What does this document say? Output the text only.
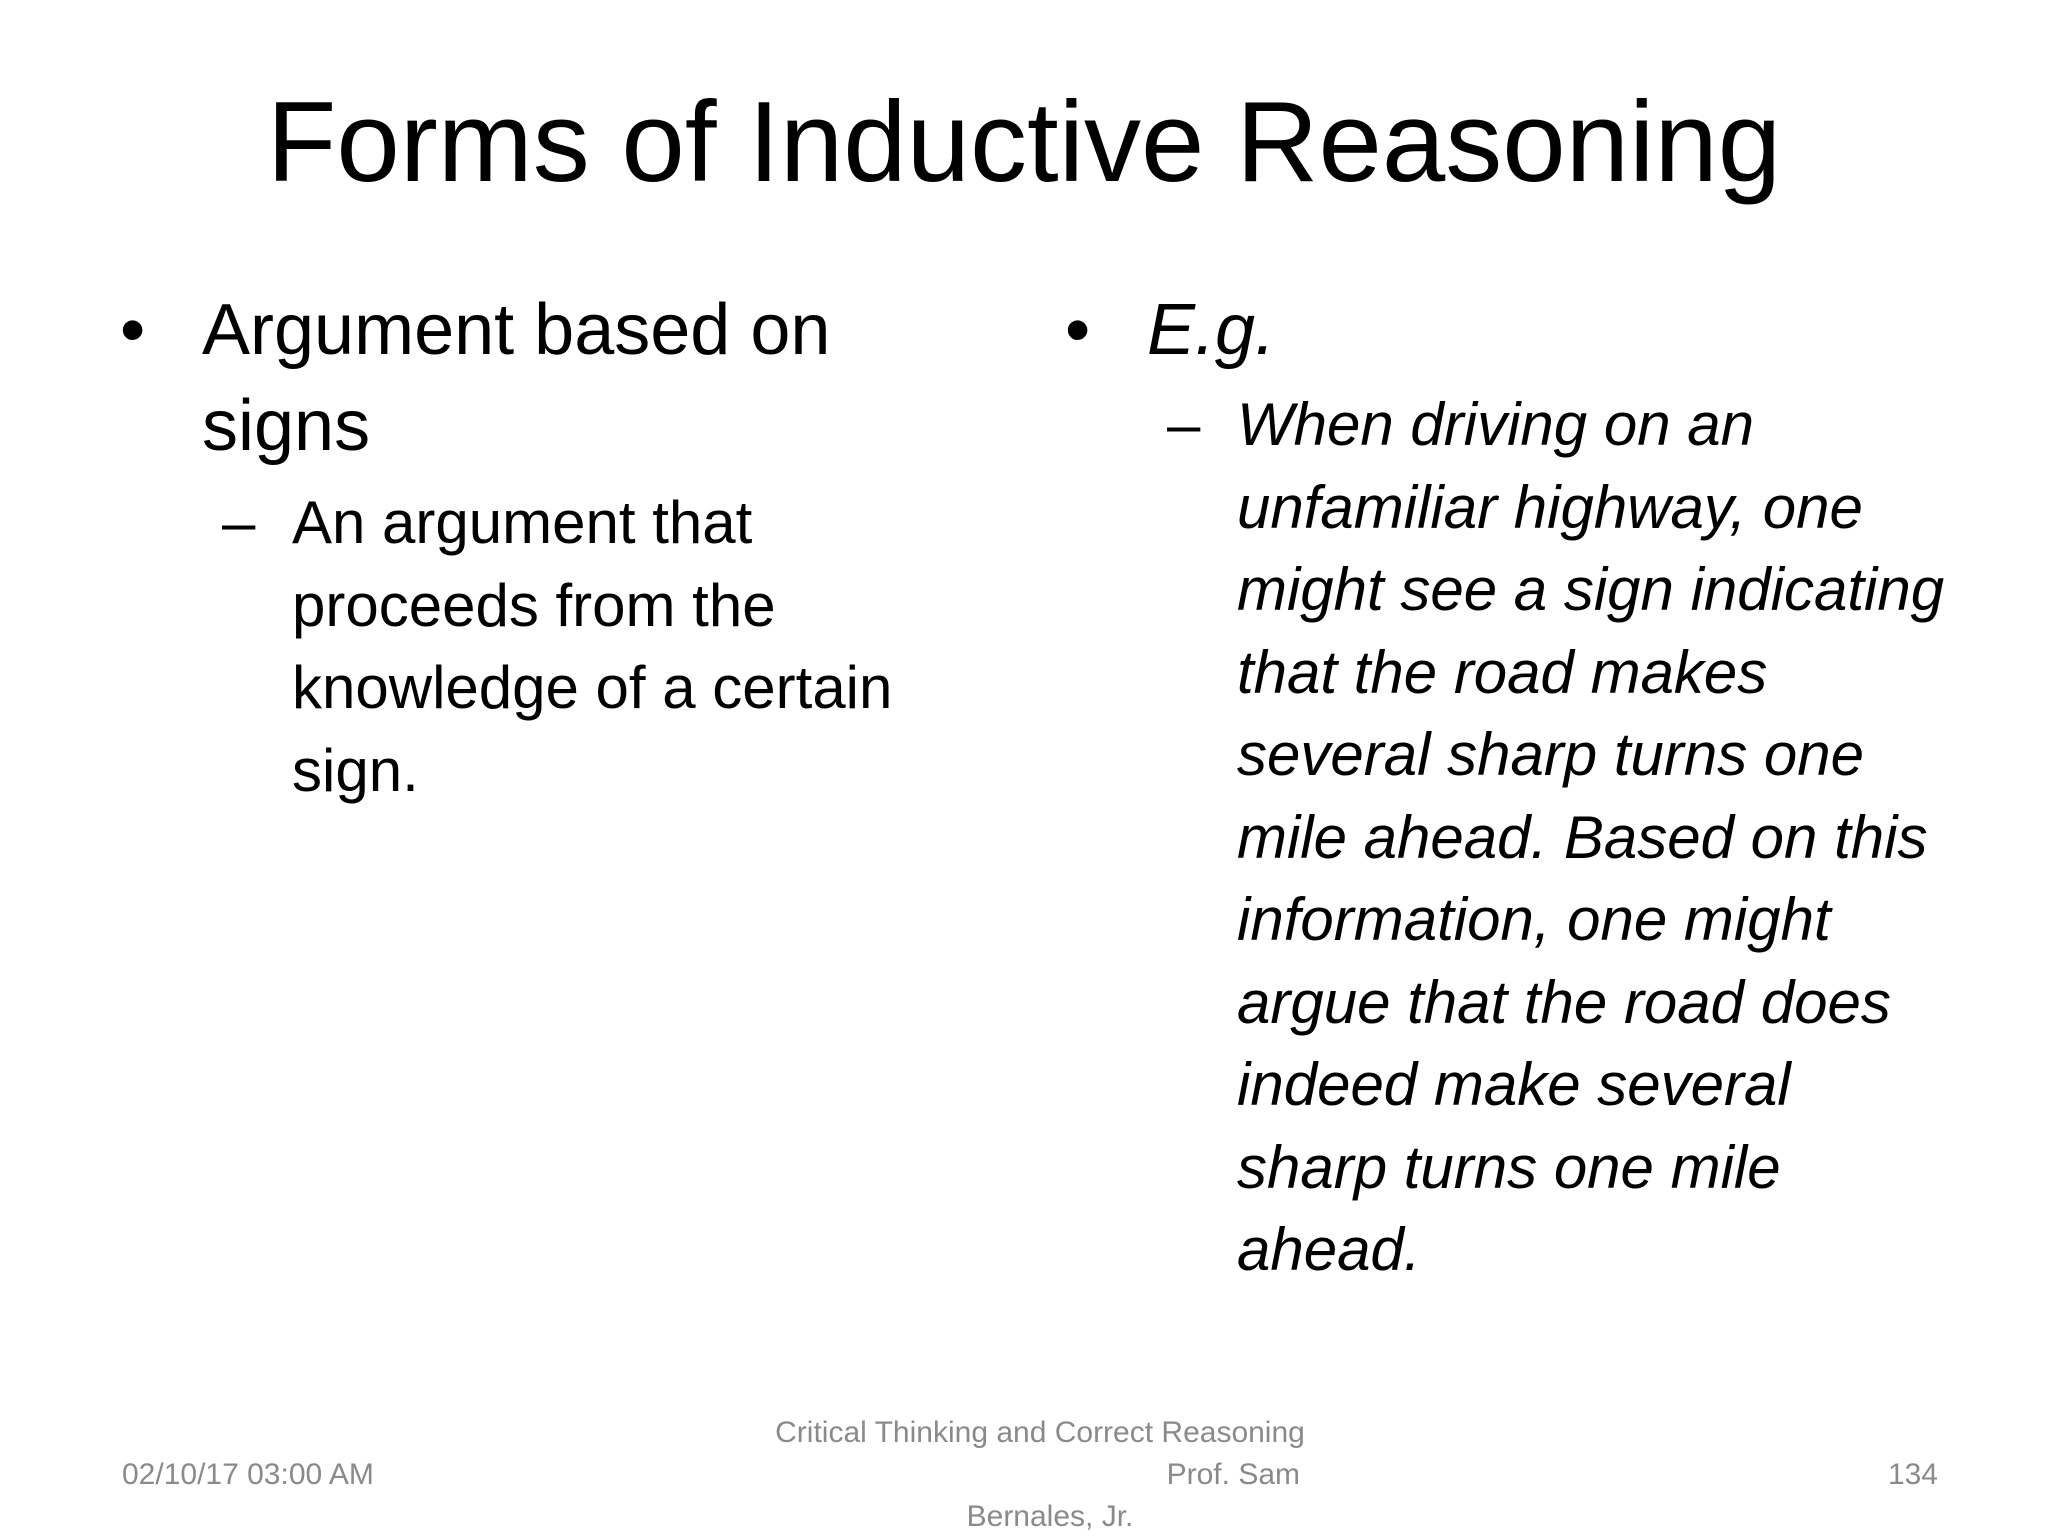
Forms of Inductive Reasoning
• Argument based on signs
– An argument that proceeds from the knowledge of a certain sign.
• E.g.
– When driving on an unfamiliar highway, one might see a sign indicating that the road makes several sharp turns one mile ahead. Based on this information, one might argue that the road does indeed make several sharp turns one mile ahead.
02/10/17 03:00 AM
Critical Thinking and Correct Reasoning
Prof. Sam
Bernales, Jr.
134
